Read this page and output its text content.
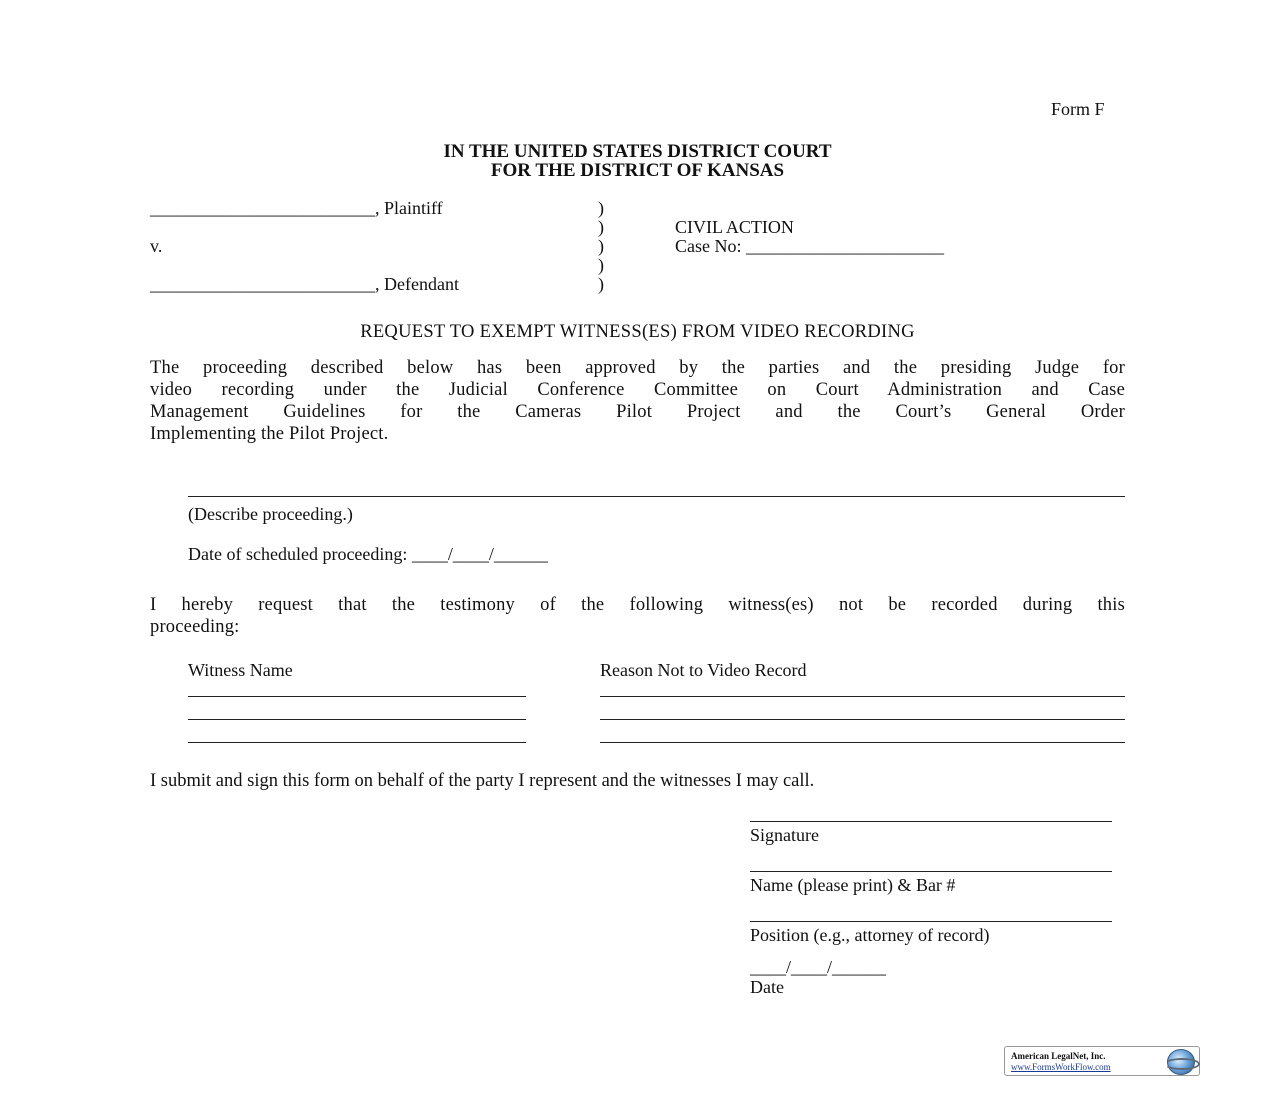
Form F
IN THE UNITED STATES DISTRICT COURT
FOR THE DISTRICT OF KANSAS
_________________________, Plaintiff
v.
_________________________, Defendant
)
)
)
)
)
CIVIL ACTION
Case No: ______________________
REQUEST TO EXEMPT WITNESS(ES) FROM VIDEO RECORDING
The proceeding described below has been approved by the parties and the presiding Judge for
video recording under the Judicial Conference Committee on Court Administration and Case
Management Guidelines for the Cameras Pilot Project and the Court’s General Order
Implementing the Pilot Project.
(Describe proceeding.)
Date of scheduled proceeding: ____/____/______
I hereby request that the testimony of the following witness(es) not be recorded during this
proceeding:
Witness Name	Reason Not to Video Record
I submit and sign this form on behalf of the party I represent and the witnesses I may call.
Signature
Name (please print) & Bar #
Position (e.g., attorney of record)
____/____/______
Date
American LegalNet, Inc.
www.FormsWorkFlow.com
